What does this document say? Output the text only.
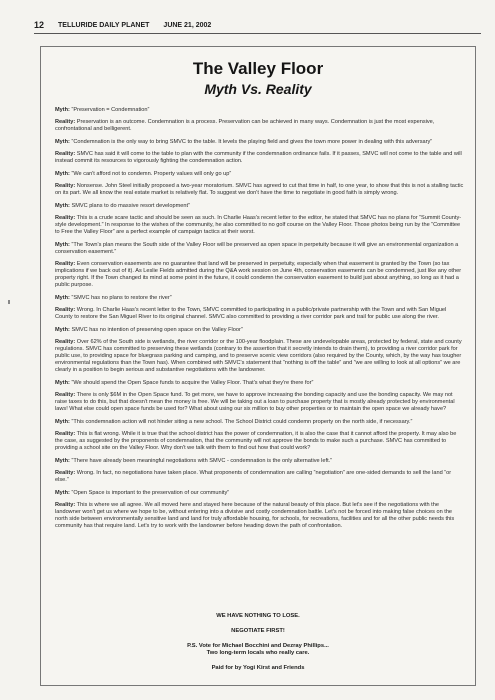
12 TELLURIDE DAILY PLANET JUNE 21, 2002
The Valley Floor
Myth Vs. Reality
Myth: “Preservation = Condemnation”
Reality: Preservation is an outcome. Condemnation is a process. Preservation can be achieved in many ways. Condemnation is just the most expensive, confrontational and belligerent.
Myth: “Condemnation is the only way to bring SMVC to the table. It levels the playing field and gives the town more power in dealing with this adversary”
Reality: SMVC has said it will come to the table to plan with the community if the condemnation ordinance fails. If it passes, SMVC will not come to the table and will instead commit its resources to vigorously fighting the condemnation action.
Myth: “We can't afford not to condemn. Property values will only go up”
Reality: Nonsense. John Steel initially proposed a two-year moratorium. SMVC has agreed to cut that time in half, to one year, to show that this is not a stalling tactic on its part. We all know the real estate market is relatively flat. To suggest we don't have the time to negotiate in good faith is simply wrong.
Myth: SMVC plans to do massive resort development”
Reality: This is a crude scare tactic and should be seen as such. In Charlie Haas's recent letter to the editor, he stated that SMVC has no plans for “Summit County-style development.” In response to the wishes of the community, he also committed to no golf course on the Valley Floor. Those photos being run by the “Committee to Free the Valley Floor” are a perfect example of campaign tactics at their worst.
Myth: “The Town's plan means the South side of the Valley Floor will be preserved as open space in perpetuity because it will give an environmental organization a conservation easement.”
Reality: Even conservation easements are no guarantee that land will be preserved in perpetuity, especially when that easement is granted by the Town (so tax implications if we back out of it). As Leslie Fields admitted during the Q&A work session on June 4th, conservation easements can be condemned, just like any other property right. If the Town changed its mind at some point in the future, it could condemn the conservation easement to build just about anything, so long as it had a public purpose.
Myth: “SMVC has no plans to restore the river”
Reality: Wrong. In Charlie Haas's recent letter to the Town, SMVC committed to participating in a public/private partnership with the Town and with San Miguel County to restore the San Miguel River to its original channel. SMVC also committed to providing a river corridor park and trail for public use along the river.
Myth: SMVC has no intention of preserving open space on the Valley Floor”
Reality: Over 62% of the South side is wetlands, the river corridor or the 100-year floodplain. These are undevelopable areas, protected by federal, state and county regulations. SMVC has committed to preserving these wetlands (contrary to the assertion that it secretly intends to drain them), to providing a river corridor park for public use, to providing space for bluegrass parking and camping, and to preserve scenic view corridors (also required by the County, which, by the way has tougher environmental regulations than the Town has). When combined with SMVC's statement that “nothing is off the table” and “we are willing to look at all options” we are clearly in a position to begin serious and substantive negotiations with the landowner.
Myth: “We should spend the Open Space funds to acquire the Valley Floor. That's what they're there for”
Reality: There is only $6M in the Open Space fund. To get more, we have to approve increasing the bonding capacity and use the bonding capacity. We may not raise taxes to do this, but that doesn't mean the money is free. We will be taking out a loan to purchase property that is mostly already protected by environmental laws! What else could open space funds be used for? What about using our six million to buy other properties or to maintain the open space we already have?
Myth: “This condemnation action will not hinder siting a new school. The School District could condemn property on the north side, if necessary.”
Reality: This is flat wrong. While it is true that the school district has the power of condemnation, it is also the case that it cannot afford the property. It may also be the case, as suggested by the proponents of condemnation, that the community will not approve the bonds to make such a purchase. SMVC has committed to providing a school site on the Valley Floor. Why don't we talk with them to find out how that could work?
Myth: “There have already been meaningful negotiations with SMVC - condemnation is the only alternative left.”
Reality: Wrong. In fact, no negotiations have taken place. What proponents of condemnation are calling “negotiation” are one-sided demands to sell the land “or else.”
Myth: “Open Space is important to the preservation of our community”
Reality: This is where we all agree. We all moved here and stayed here because of the natural beauty of this place. But let's see if the negotiations with the landowner won't get us where we hope to be, without entering into a divisive and costly condemnation battle. Let's not be forced into making false choices on the north side between environmentally sensitive land and land for truly affordable housing, for schools, for recreations, facilities and for all the other public needs this community has that require land. Let's try to work with the landowner before heading down the path of confrontation.
WE HAVE NOTHING TO LOSE.
NEGOTIATE FIRST!
P.S. Vote for Michael Bocchini and Dezray Phillips...
Two long-term locals who really care.
Paid for by Yogi Kirst and Friends
